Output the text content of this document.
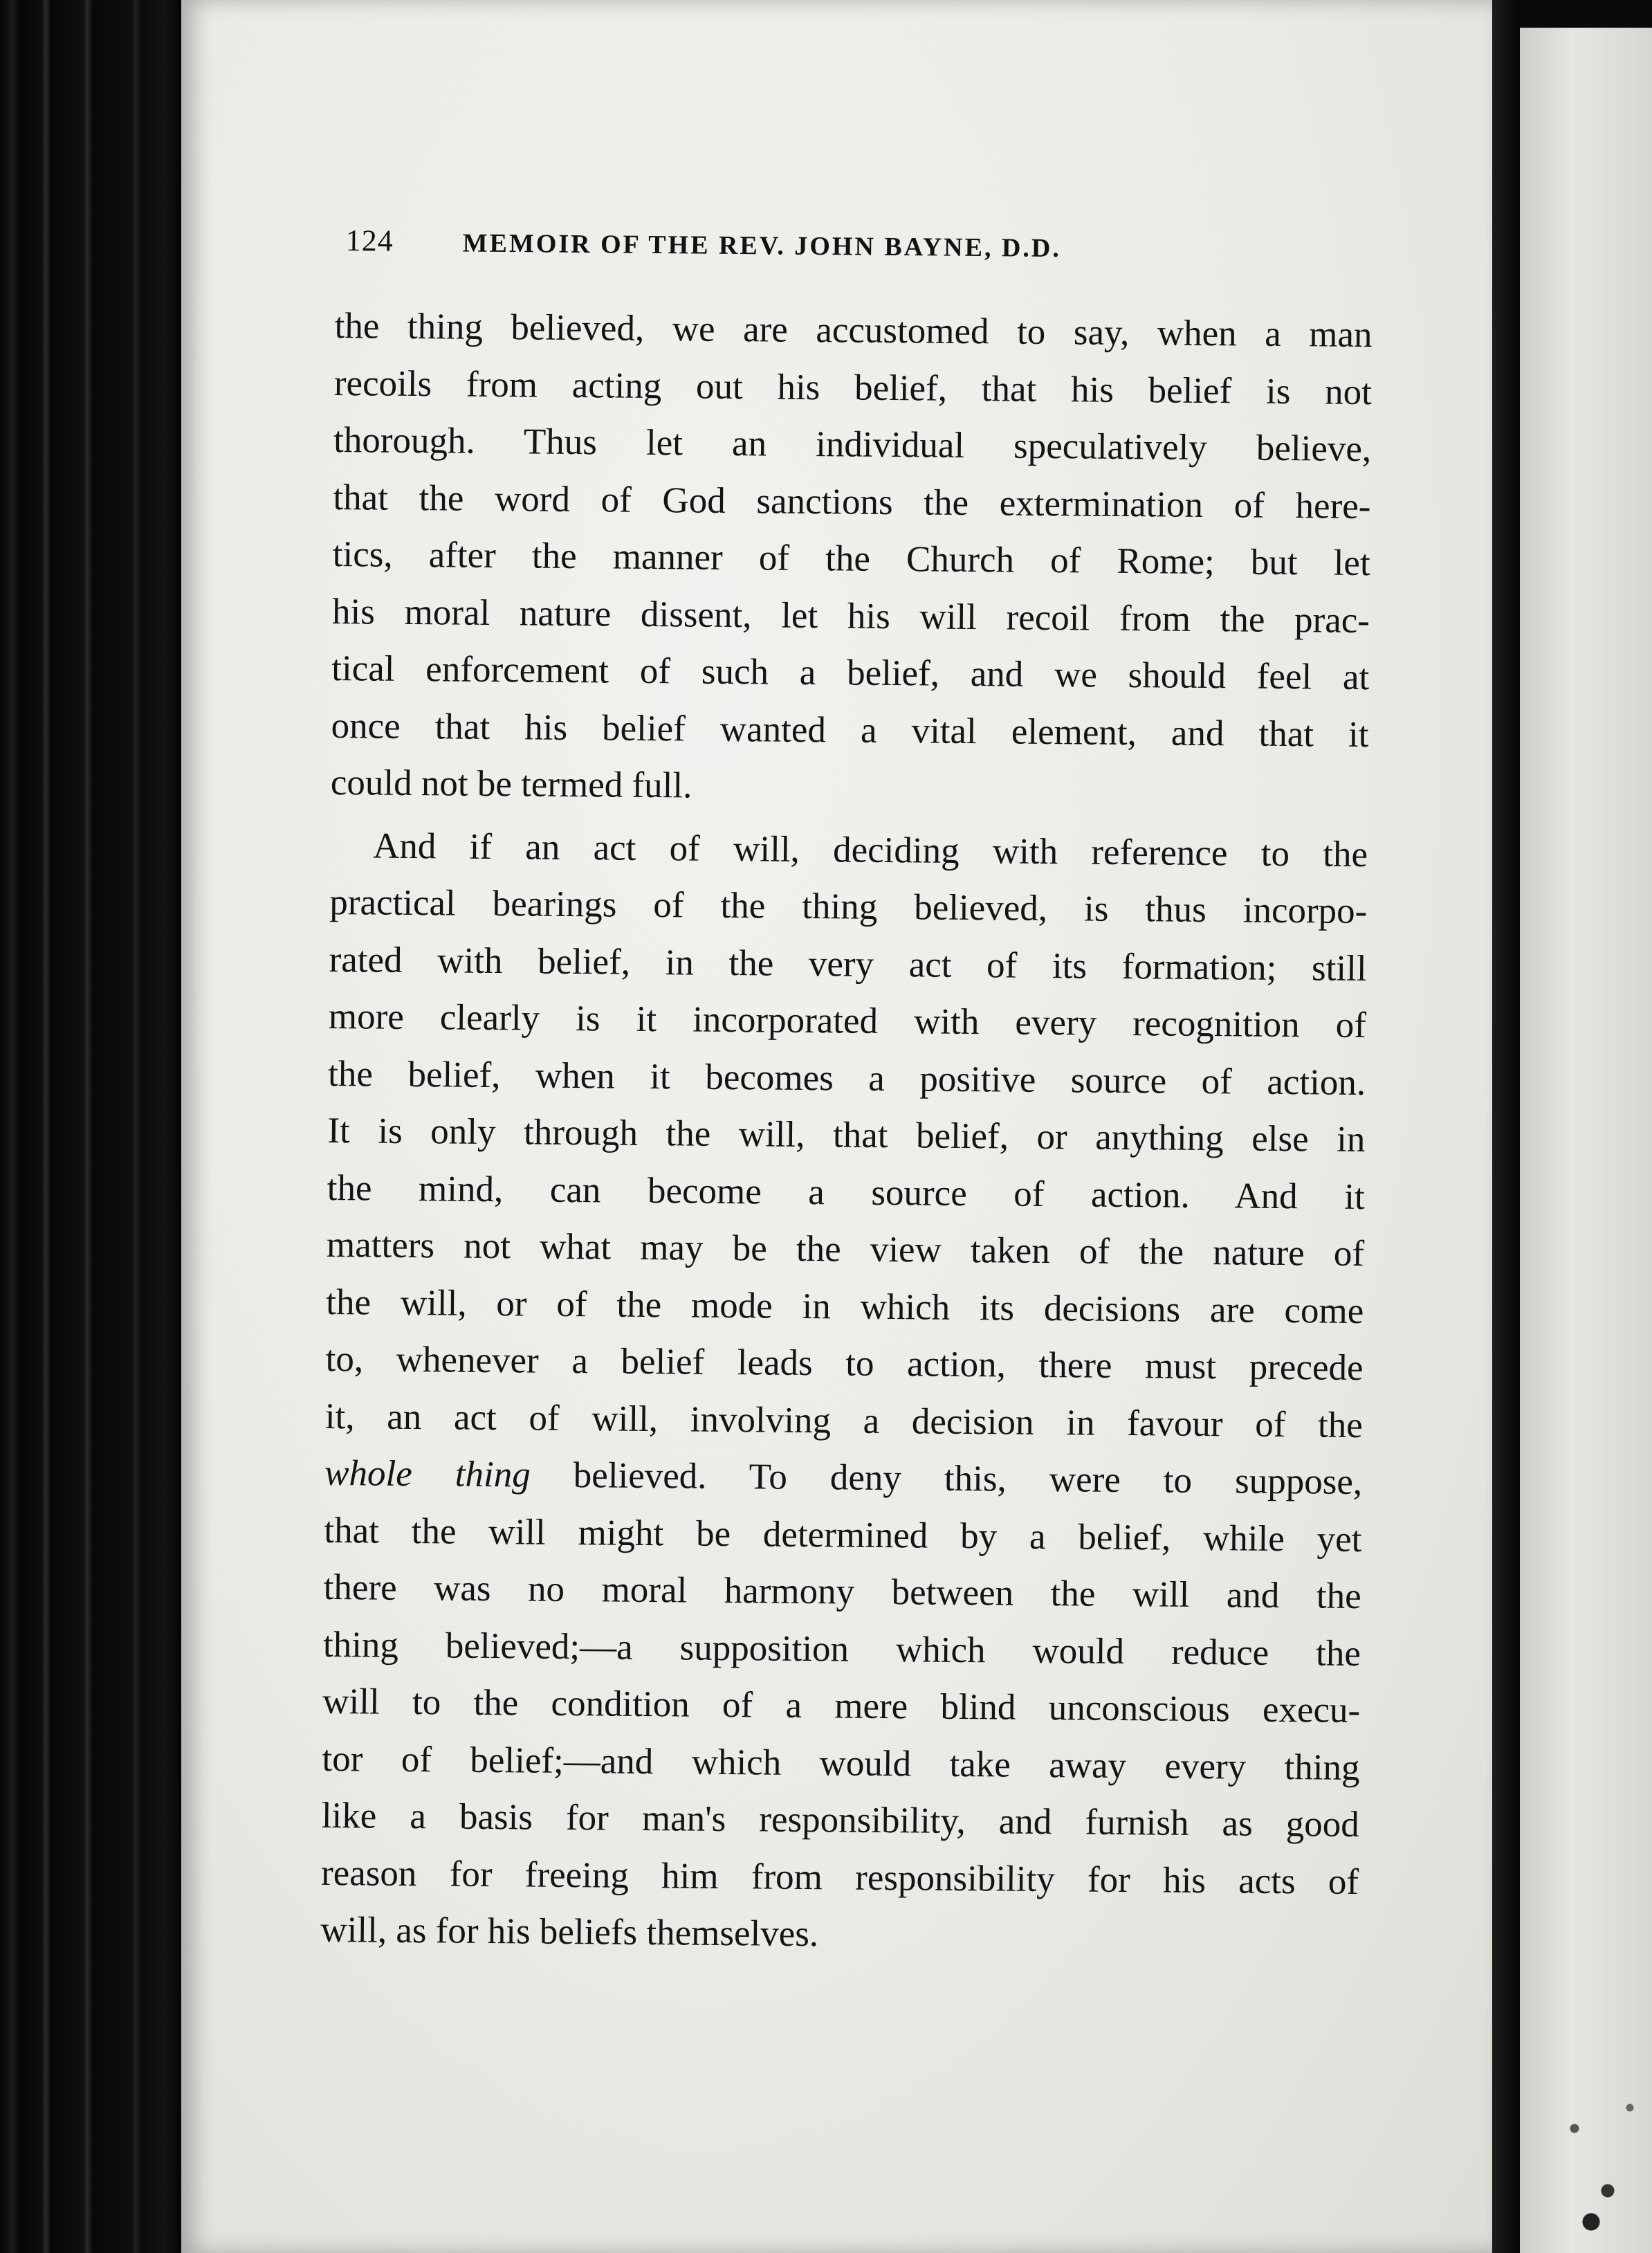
124	MEMOIR OF THE REV. JOHN BAYNE, D.D.
the thing believed, we are accustomed to say, when a man
recoils from acting out his belief, that his belief is not
thorough. Thus let an individual speculatively believe,
that the word of God sanctions the extermination of here-
tics, after the manner of the Church of Rome; but let
his moral nature dissent, let his will recoil from the prac-
tical enforcement of such a belief, and we should feel at
once that his belief wanted a vital element, and that it
could not be termed full.
And if an act of will, deciding with reference to the
practical bearings of the thing believed, is thus incorpo-
rated with belief, in the very act of its formation; still
more clearly is it incorporated with every recognition of
the belief, when it becomes a positive source of action.
It is only through the will, that belief, or anything else in
the mind, can become a source of action. And it
matters not what may be the view taken of the nature of
the will, or of the mode in which its decisions are come
to, whenever a belief leads to action, there must precede
it, an act of will, involving a decision in favour of the
whole thing believed. To deny this, were to suppose,
that the will might be determined by a belief, while yet
there was no moral harmony between the will and the
thing believed;—a supposition which would reduce the
will to the condition of a mere blind unconscious execu-
tor of belief;—and which would take away every thing
like a basis for man's responsibility, and furnish as good
reason for freeing him from responsibility for his acts of
will, as for his beliefs themselves.
